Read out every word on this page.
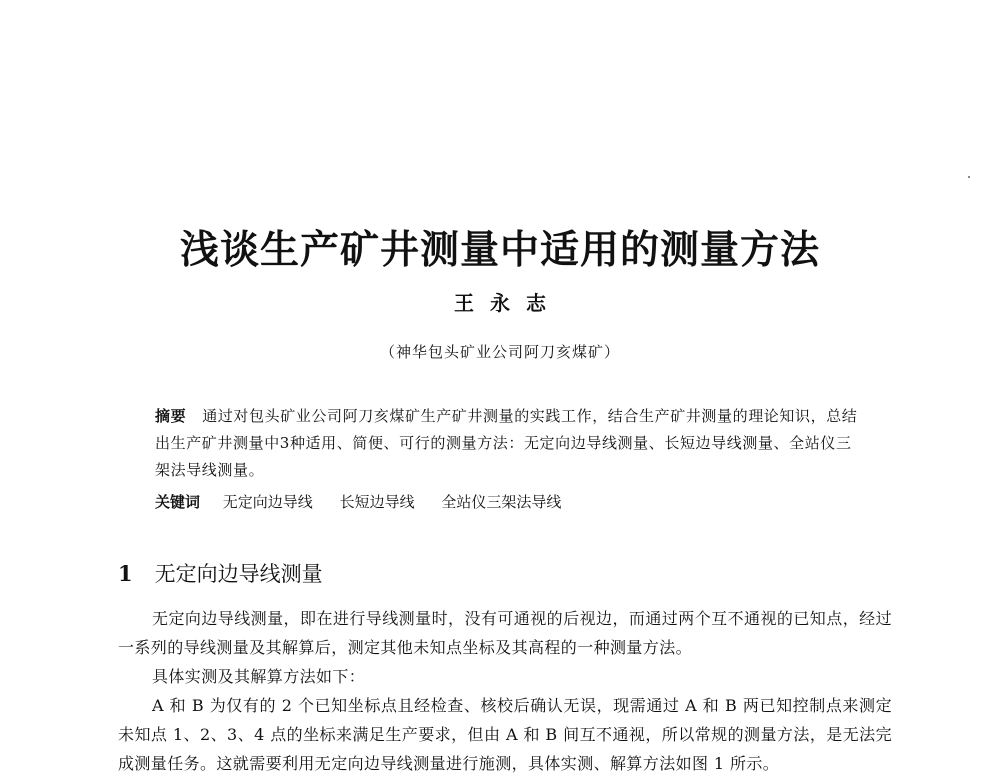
浅谈生产矿井测量中适用的测量方法
王永志
（神华包头矿业公司阿刀亥煤矿）
摘要 通过对包头矿业公司阿刀亥煤矿生产矿井测量的实践工作，结合生产矿井测量的理论知识，总结出生产矿井测量中3种适用、简便、可行的测量方法：无定向边导线测量、长短边导线测量、全站仪三架法导线测量。
关键词 无定向边导线 长短边导线 全站仪三架法导线
1 无定向边导线测量

无定向边导线测量，即在进行导线测量时，没有可通视的后视边，而通过两个互不通视的已知点，经过一系列的导线测量及其解算后，测定其他未知点坐标及其高程的一种测量方法。

具体实测及其解算方法如下：

A 和 B 为仅有的 2 个已知坐标点且经检查、核校后确认无误，现需通过 A 和 B 两已知控制点来测定未知点 1、2、3、4 点的坐标来满足生产要求，但由 A 和 B 间互不通视，所以常规的测量方法，是无法完成测量任务。这就需要利用无定向边导线测量进行施测，具体实测、解算方法如图 1 所示。
